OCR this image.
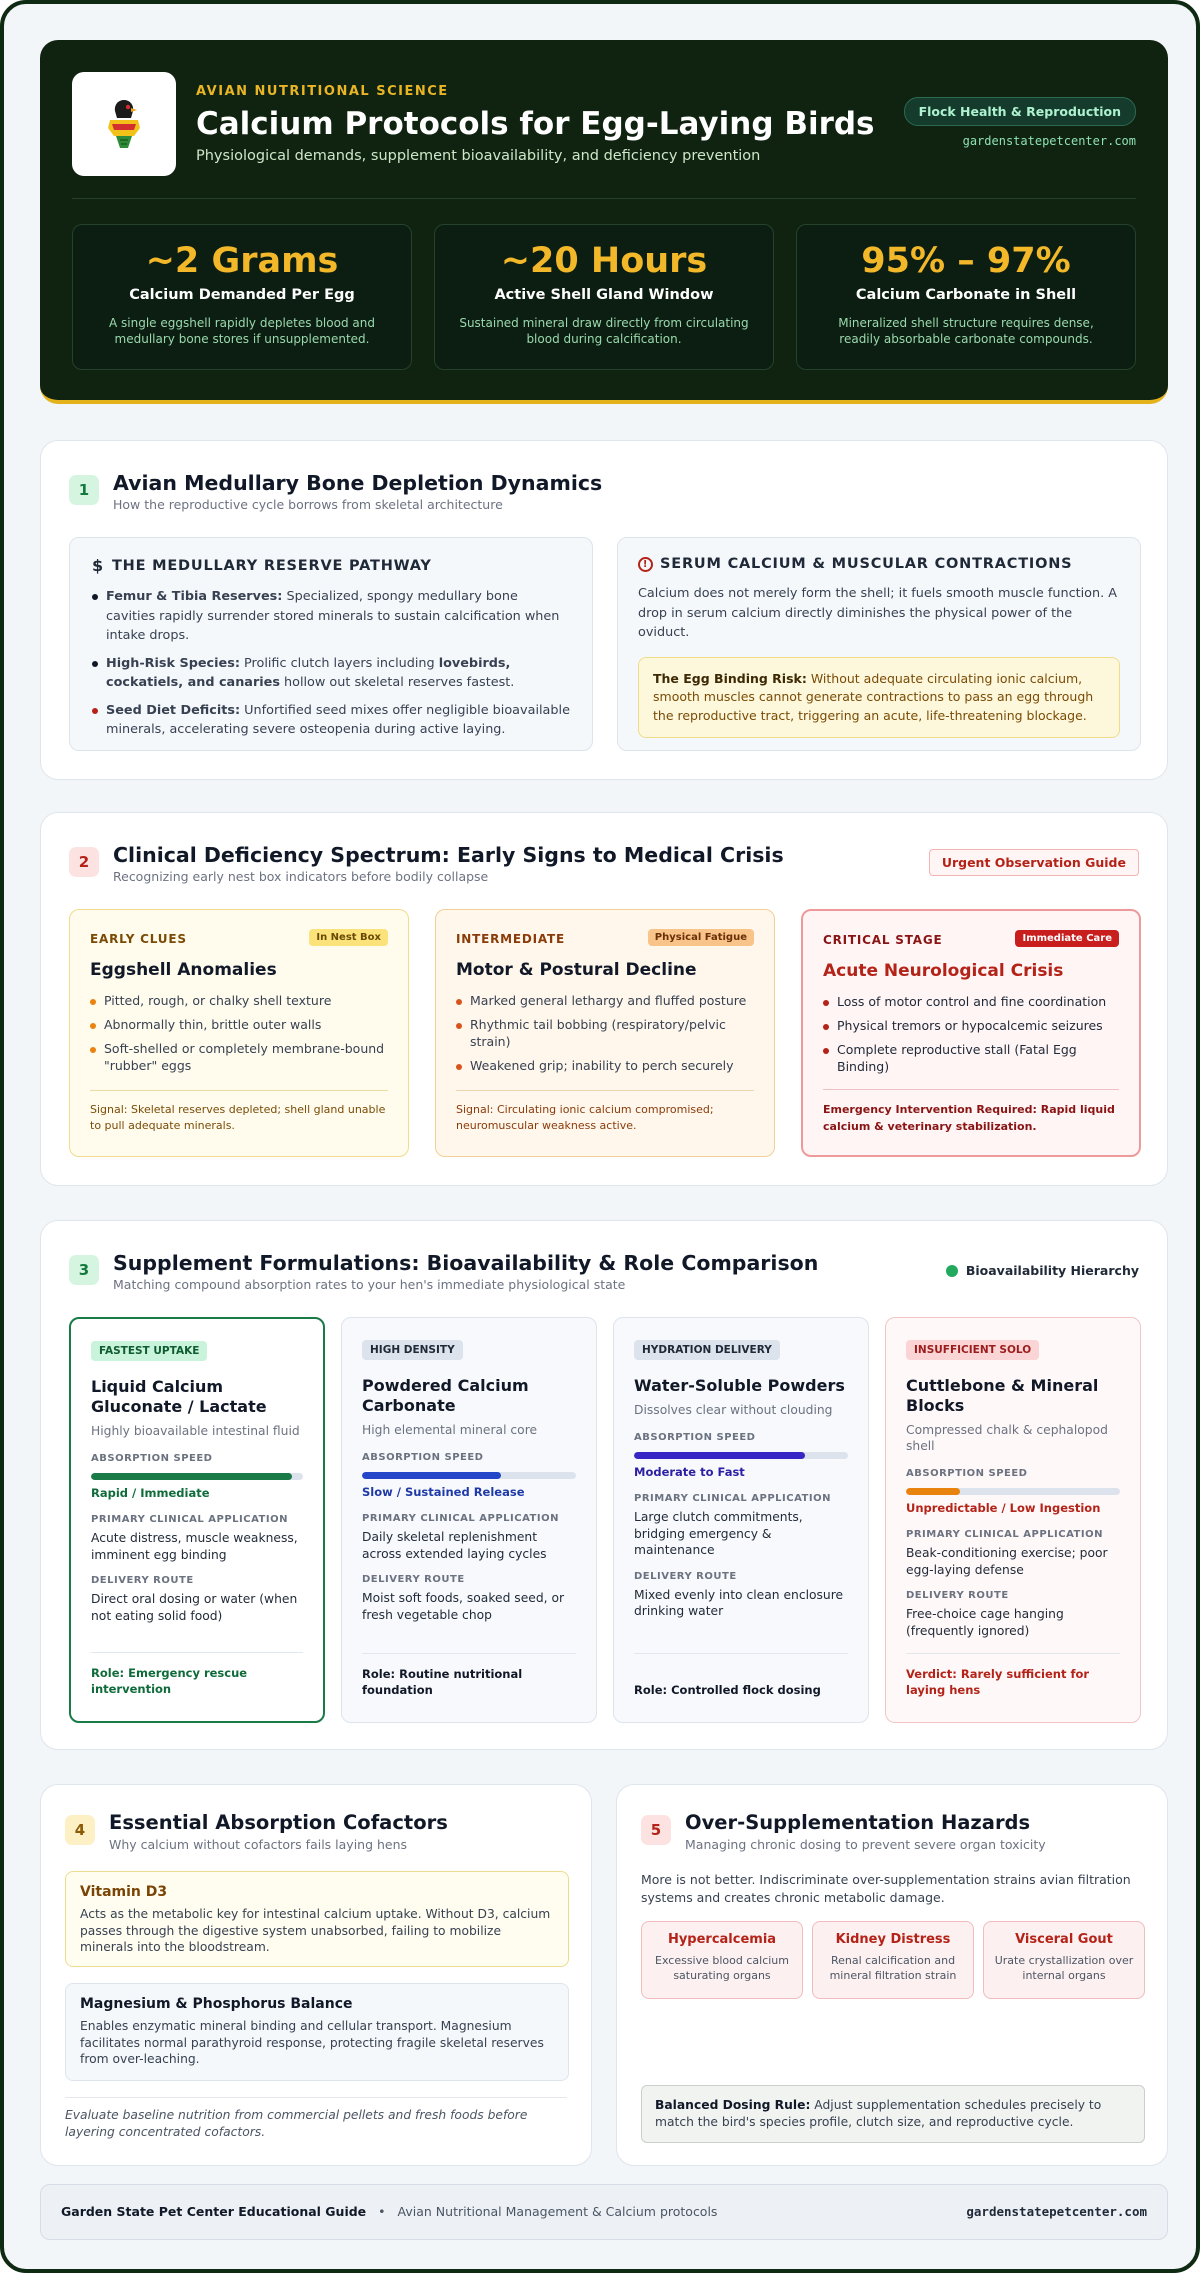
AVIAN NUTRITIONAL SCIENCE
Calcium Protocols for Egg-Laying Birds
Physiological demands, supplement bioavailability, and deficiency prevention
Flock Health & Reproduction
gardenstatepetcenter.com
~2 Grams
Calcium Demanded Per Egg
A single eggshell rapidly depletes blood and medullary bone stores if unsupplemented.
~20 Hours
Active Shell Gland Window
Sustained mineral draw directly from circulating blood during calcification.
95% – 97%
Calcium Carbonate in Shell
Mineralized shell structure requires dense, readily absorbable carbonate compounds.
1	Avian Medullary Bone Depletion Dynamics
How the reproductive cycle borrows from skeletal architecture
$ THE MEDULLARY RESERVE PATHWAY
Femur & Tibia Reserves: Specialized, spongy medullary bone cavities rapidly surrender stored minerals to sustain calcification when intake drops.
High-Risk Species: Prolific clutch layers including lovebirds, cockatiels, and canaries hollow out skeletal reserves fastest.
Seed Diet Deficits: Unfortified seed mixes offer negligible bioavailable minerals, accelerating severe osteopenia during active laying.
! SERUM CALCIUM & MUSCULAR CONTRACTIONS
Calcium does not merely form the shell; it fuels smooth muscle function. A drop in serum calcium directly diminishes the physical power of the oviduct.
The Egg Binding Risk: Without adequate circulating ionic calcium, smooth muscles cannot generate contractions to pass an egg through the reproductive tract, triggering an acute, life-threatening blockage.
2	Clinical Deficiency Spectrum: Early Signs to Medical Crisis
Recognizing early nest box indicators before bodily collapse
Urgent Observation Guide
EARLY CLUES	In Nest Box
Eggshell Anomalies
Pitted, rough, or chalky shell texture
Abnormally thin, brittle outer walls
Soft-shelled or completely membrane-bound "rubber" eggs
Signal: Skeletal reserves depleted; shell gland unable to pull adequate minerals.
INTERMEDIATE	Physical Fatigue
Motor & Postural Decline
Marked general lethargy and fluffed posture
Rhythmic tail bobbing (respiratory/pelvic strain)
Weakened grip; inability to perch securely
Signal: Circulating ionic calcium compromised; neuromuscular weakness active.
CRITICAL STAGE	Immediate Care
Acute Neurological Crisis
Loss of motor control and fine coordination
Physical tremors or hypocalcemic seizures
Complete reproductive stall (Fatal Egg Binding)
Emergency Intervention Required: Rapid liquid calcium & veterinary stabilization.
3	Supplement Formulations: Bioavailability & Role Comparison
Matching compound absorption rates to your hen's immediate physiological state
Bioavailability Hierarchy
FASTEST UPTAKE
Liquid Calcium Gluconate / Lactate
Highly bioavailable intestinal fluid
ABSORPTION SPEED
Rapid / Immediate
PRIMARY CLINICAL APPLICATION
Acute distress, muscle weakness, imminent egg binding
DELIVERY ROUTE
Direct oral dosing or water (when not eating solid food)
Role: Emergency rescue intervention
HIGH DENSITY
Powdered Calcium Carbonate
High elemental mineral core
ABSORPTION SPEED
Slow / Sustained Release
PRIMARY CLINICAL APPLICATION
Daily skeletal replenishment across extended laying cycles
DELIVERY ROUTE
Moist soft foods, soaked seed, or fresh vegetable chop
Role: Routine nutritional foundation
HYDRATION DELIVERY
Water-Soluble Powders
Dissolves clear without clouding
ABSORPTION SPEED
Moderate to Fast
PRIMARY CLINICAL APPLICATION
Large clutch commitments, bridging emergency & maintenance
DELIVERY ROUTE
Mixed evenly into clean enclosure drinking water
Role: Controlled flock dosing
INSUFFICIENT SOLO
Cuttlebone & Mineral Blocks
Compressed chalk & cephalopod shell
ABSORPTION SPEED
Unpredictable / Low Ingestion
PRIMARY CLINICAL APPLICATION
Beak-conditioning exercise; poor egg-laying defense
DELIVERY ROUTE
Free-choice cage hanging (frequently ignored)
Verdict: Rarely sufficient for laying hens
4	Essential Absorption Cofactors
Why calcium without cofactors fails laying hens
Vitamin D3
Acts as the metabolic key for intestinal calcium uptake. Without D3, calcium passes through the digestive system unabsorbed, failing to mobilize minerals into the bloodstream.
Magnesium & Phosphorus Balance
Enables enzymatic mineral binding and cellular transport. Magnesium facilitates normal parathyroid response, protecting fragile skeletal reserves from over-leaching.
Evaluate baseline nutrition from commercial pellets and fresh foods before layering concentrated cofactors.
5	Over-Supplementation Hazards
Managing chronic dosing to prevent severe organ toxicity
More is not better. Indiscriminate over-supplementation strains avian filtration systems and creates chronic metabolic damage.
Hypercalcemia
Excessive blood calcium saturating organs
Kidney Distress
Renal calcification and mineral filtration strain
Visceral Gout
Urate crystallization over internal organs
Balanced Dosing Rule: Adjust supplementation schedules precisely to match the bird's species profile, clutch size, and reproductive cycle.
Garden State Pet Center Educational Guide • Avian Nutritional Management & Calcium protocols	gardenstatepetcenter.com
